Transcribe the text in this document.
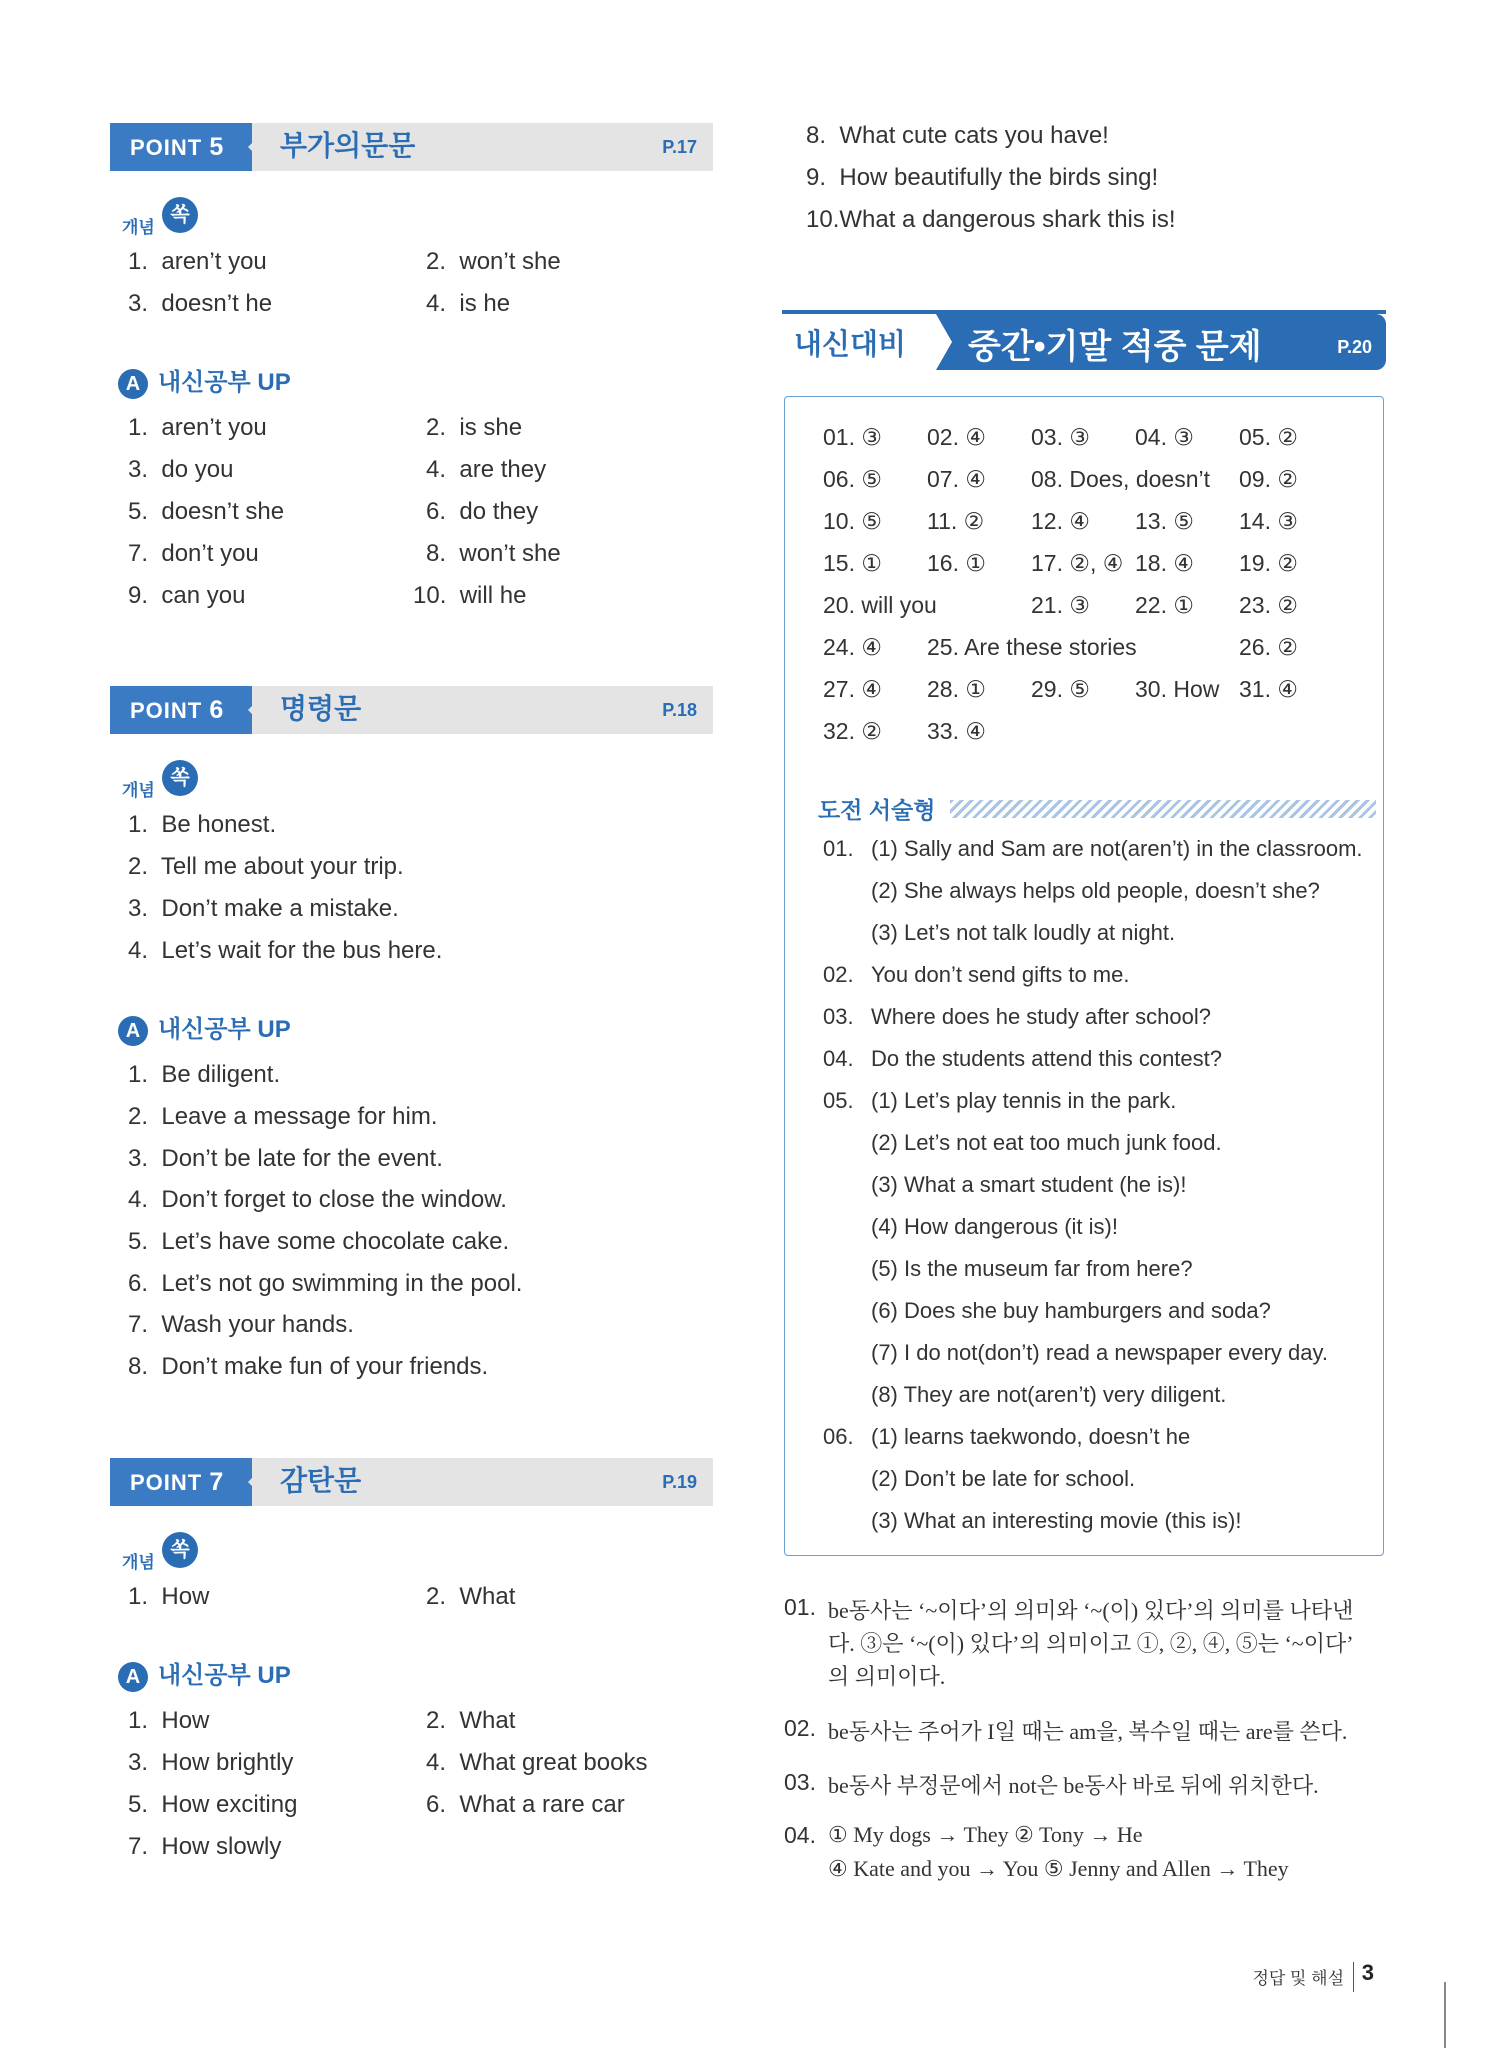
POINT 5	부가의문문	P.17
개념
쏙
1. aren’t you	2. won’t she
3. doesn’t he	4. is he
A 내신공부 UP
1. aren’t you	2. is she
3. do you	4. are they
5. doesn’t she	6. do they
7. don’t you	8. won’t she
9. can you	10. will he
POINT 6	명령문	P.18
개념
쏙
1. Be honest.
2. Tell me about your trip.
3. Don’t make a mistake.
4. Let’s wait for the bus here.
A 내신공부 UP
1. Be diligent.
2. Leave a message for him.
3. Don’t be late for the event.
4. Don’t forget to close the window.
5. Let’s have some chocolate cake.
6. Let’s not go swimming in the pool.
7. Wash your hands.
8. Don’t make fun of your friends.
POINT 7	감탄문	P.19
개념
쏙
1. How	2. What
A 내신공부 UP
1. How	2. What
3. How brightly	4. What great books
5. How exciting	6. What a rare car
7. How slowly
8. What cute cats you have!
9. How beautifully the birds sing!
10.What a dangerous shark this is!
내신대비 중간•기말 적중 문제	P.20
01. ③ 02. ④ 03. ③ 04. ③ 05. ②
06. ⑤ 07. ④ 08. Does, doesn’t 09. ②
10. ⑤ 11. ② 12. ④ 13. ⑤ 14. ③
15. ① 16. ① 17. ②, ④ 18. ④ 19. ②
20. will you	21. ③ 22. ① 23. ②
24. ④ 25. Are these stories	26. ②
27. ④ 28. ① 29. ⑤ 30. How 31. ④
32. ② 33. ④
도전 서술형
01. (1) Sally and Sam are not(aren’t) in the classroom.
(2) She always helps old people, doesn’t she?
(3) Let’s not talk loudly at night.
02. You don’t send gifts to me.
03. Where does he study after school?
04. Do the students attend this contest?
05. (1) Let’s play tennis in the park.
(2) Let’s not eat too much junk food.
(3) What a smart student (he is)!
(4) How dangerous (it is)!
(5) Is the museum far from here?
(6) Does she buy hamburgers and soda?
(7) I do not(don’t) read a newspaper every day.
(8) They are not(aren’t) very diligent.
06. (1) learns taekwondo, doesn’t he
(2) Don’t be late for school.
(3) What an interesting movie (this is)!
01. be동사는 ‘~이다’의 의미와 ‘~(이) 있다’의 의미를 나타낸
다. ③은 ‘~(이) 있다’의 의미이고 ①, ②, ④, ⑤는 ‘~이다’
의 의미이다.
02. be동사는 주어가 I일 때는 am을, 복수일 때는 are를 쓴다.
03. be동사 부정문에서 not은 be동사 바로 뒤에 위치한다.
04. ① My dogs → They ② Tony → He
④ Kate and you → You ⑤ Jenny and Allen → They
정답 및 해설 3
